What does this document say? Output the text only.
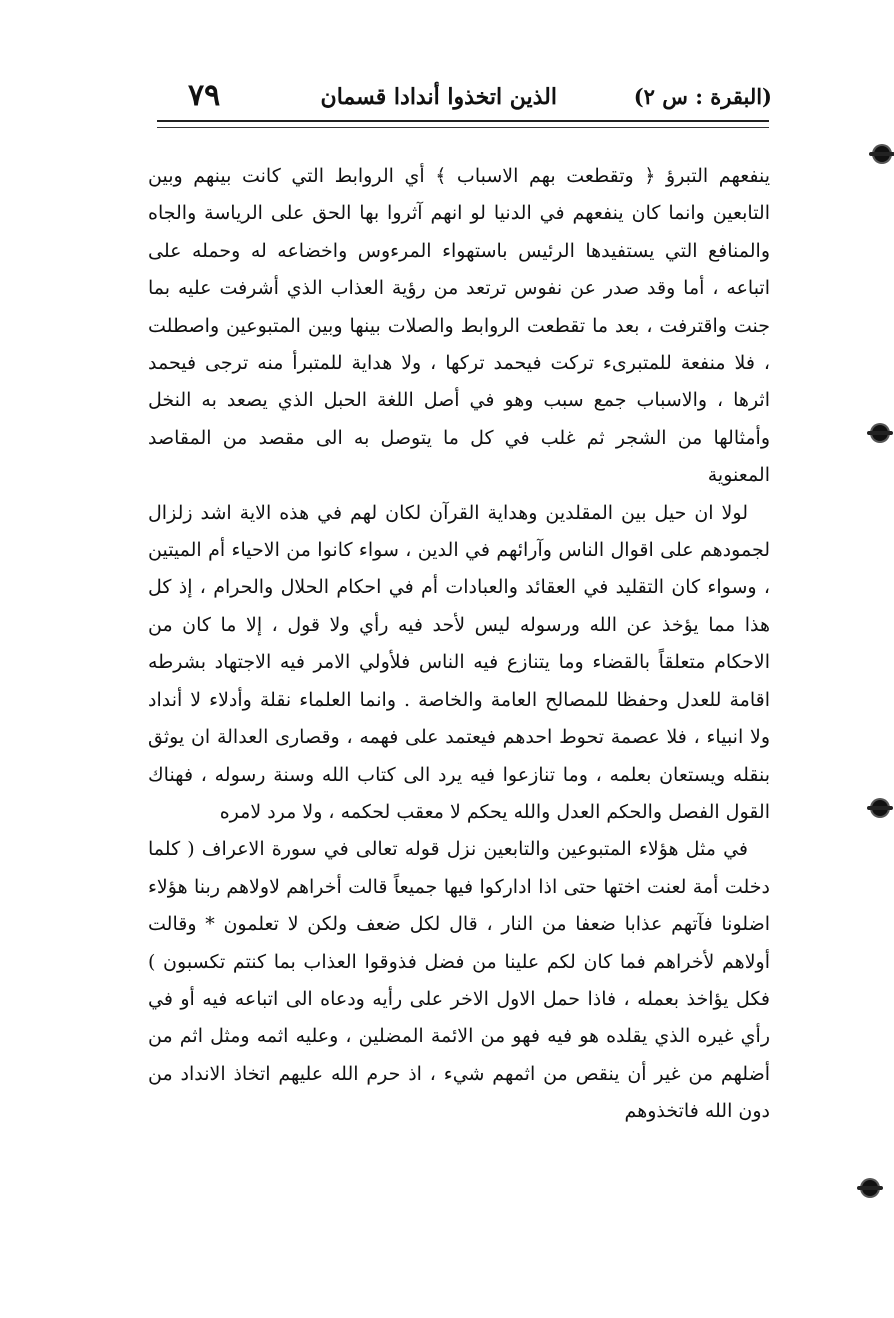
(البقرة : س ٢)
الذين اتخذوا أندادا قسمان
٧٩

ينفعهم التبرؤ ﴿ وتقطعت بهم الاسباب ﴾ أي الروابط التي كانت بينهم وبين التابعين وانما كان ينفعهم في الدنيا لو انهم آثروا بها الحق على الرياسة والجاه والمنافع التي يستفيدها الرئيس باستهواء المرءوس واخضاعه له وحمله على اتباعه ، أما وقد صدر عن نفوس ترتعد من رؤية العذاب الذي أشرفت عليه بما جنت واقترفت ، بعد ما تقطعت الروابط والصلات بينها وبين المتبوعين واصطلت ، فلا منفعة للمتبرىء تركت فيحمد تركها ، ولا هداية للمتبرأ منه ترجى فيحمد اثرها ، والاسباب جمع سبب وهو في أصل اللغة الحبل الذي يصعد به النخل وأمثالها من الشجر ثم غلب في كل ما يتوصل به الى مقصد من المقاصد المعنوية

لولا ان حيل بين المقلدين وهداية القرآن لكان لهم في هذه الاية اشد زلزال لجمودهم على اقوال الناس وآرائهم في الدين ، سواء كانوا من الاحياء أم الميتين ، وسواء كان التقليد في العقائد والعبادات أم في احكام الحلال والحرام ، إذ كل هذا مما يؤخذ عن الله ورسوله ليس لأحد فيه رأي ولا قول ، إلا ما كان من الاحكام متعلقاً بالقضاء وما يتنازع فيه الناس فلأولي الامر فيه الاجتهاد بشرطه اقامة للعدل وحفظا للمصالح العامة والخاصة . وانما العلماء نقلة وأدلاء لا أنداد ولا انبياء ، فلا عصمة تحوط احدهم فيعتمد على فهمه ، وقصارى العدالة ان يوثق بنقله ويستعان بعلمه ، وما تنازعوا فيه يرد الى كتاب الله وسنة رسوله ، فهناك القول الفصل والحكم العدل والله يحكم لا معقب لحكمه ، ولا مرد لامره

في مثل هؤلاء المتبوعين والتابعين نزل قوله تعالى في سورة الاعراف ( كلما دخلت أمة لعنت اختها حتى اذا اداركوا فيها جميعاً قالت أخراهم لاولاهم ربنا هؤلاء اضلونا فآتهم عذابا ضعفا من النار ، قال لكل ضعف ولكن لا تعلمون * وقالت أولاهم لأخراهم فما كان لكم علينا من فضل فذوقوا العذاب بما كنتم تكسبون ) فكل يؤاخذ بعمله ، فاذا حمل الاول الاخر على رأيه ودعاه الى اتباعه فيه أو في رأي غيره الذي يقلده هو فيه فهو من الائمة المضلين ، وعليه اثمه ومثل اثم من أضلهم من غير أن ينقص من اثمهم شيء ، اذ حرم الله عليهم اتخاذ الانداد من دون الله فاتخذوهم
